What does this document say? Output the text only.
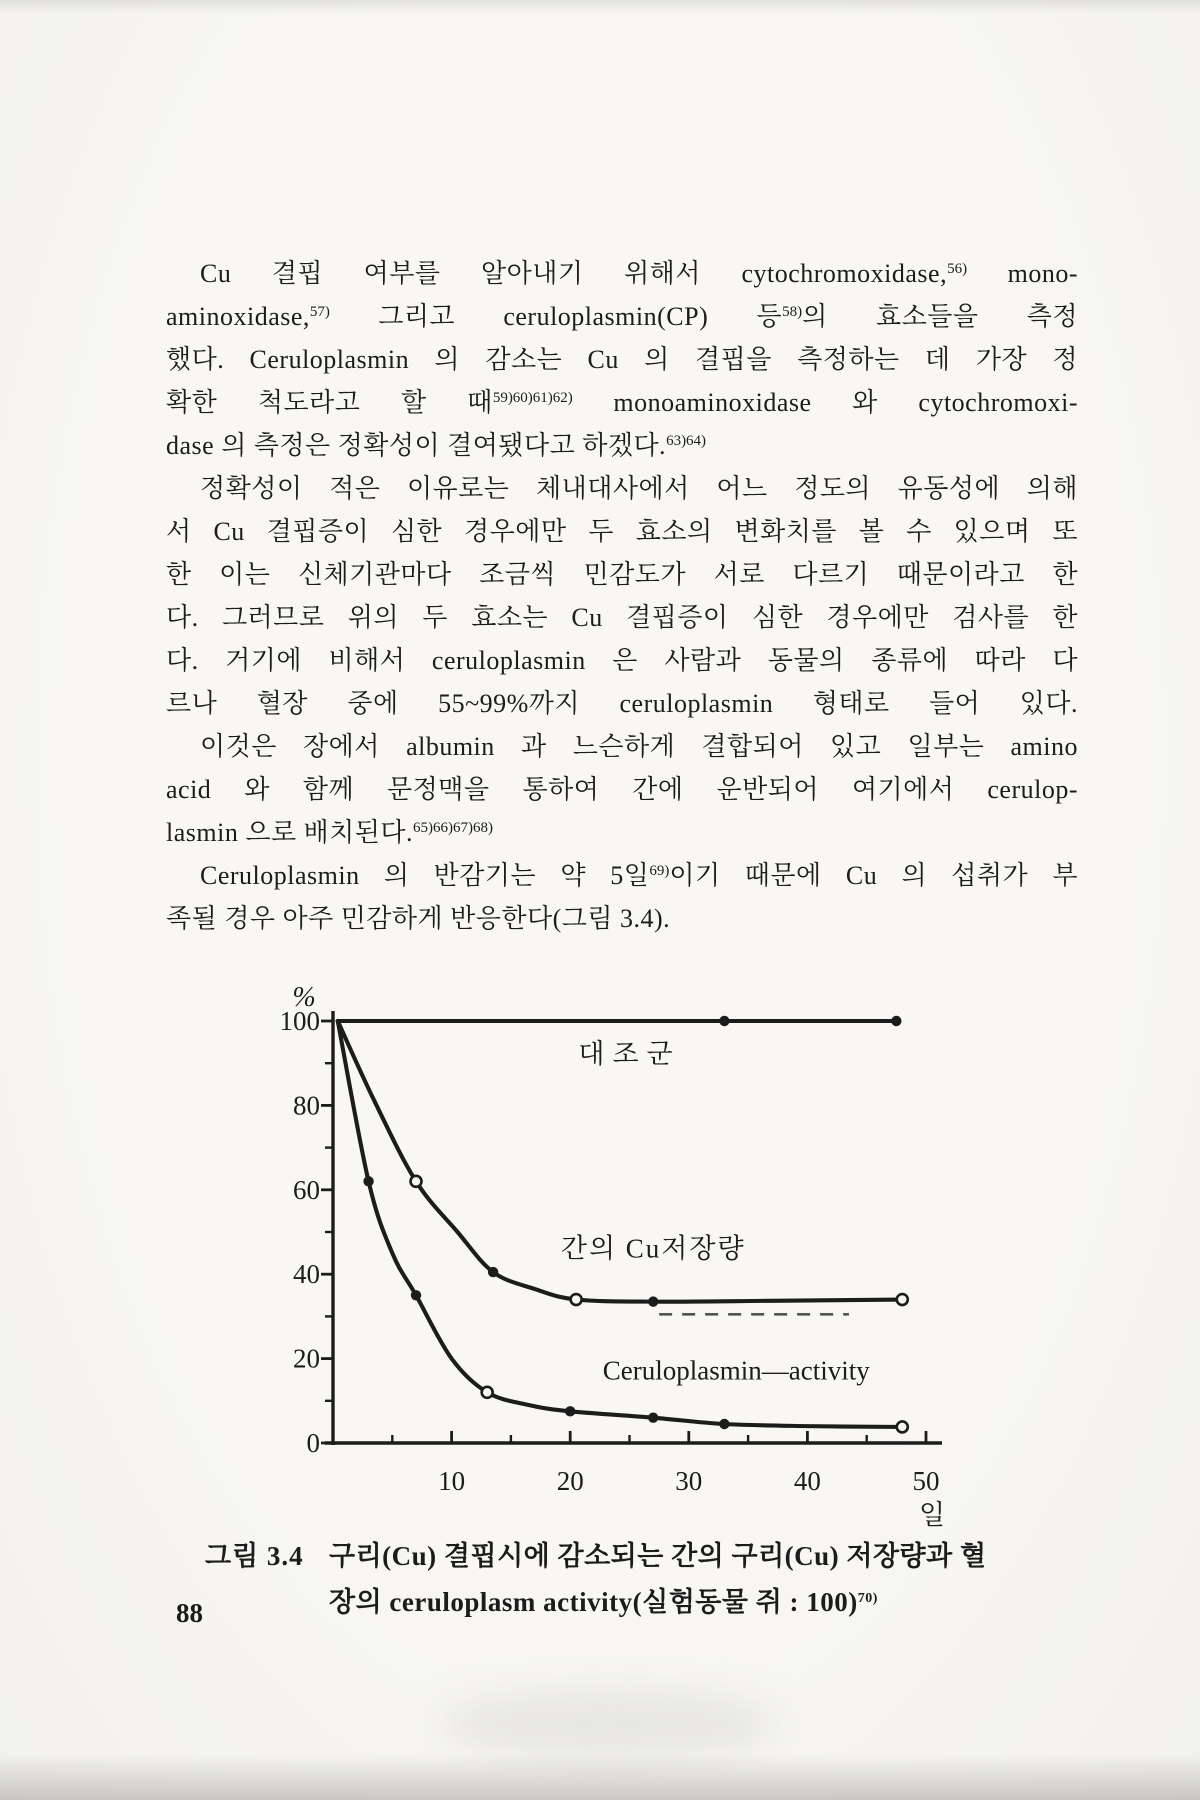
Cu 결핍 여부를 알아내기 위해서 cytochromoxidase,$^{56)}$ mono-
aminoxidase,$^{57)}$ 그리고 ceruloplasmin(CP) 등$^{58)}$의 효소들을 측정
했다. Ceruloplasmin 의 감소는 Cu 의 결핍을 측정하는 데 가장 정
확한 척도라고 할 때$^{59)60)61)62)}$ monoaminoxidase 와 cytochromoxi-
dase 의 측정은 정확성이 결여됐다고 하겠다.$^{63)64)}$
정확성이 적은 이유로는 체내대사에서 어느 정도의 유동성에 의해
서 Cu 결핍증이 심한 경우에만 두 효소의 변화치를 볼 수 있으며 또
한 이는 신체기관마다 조금씩 민감도가 서로 다르기 때문이라고 한
다. 그러므로 위의 두 효소는 Cu 결핍증이 심한 경우에만 검사를 한
다. 거기에 비해서 ceruloplasmin 은 사람과 동물의 종류에 따라 다
르나 혈장 중에 55~99%까지 ceruloplasmin 형태로 들어 있다.
이것은 장에서 albumin 과 느슨하게 결합되어 있고 일부는 amino
acid 와 함께 문정맥을 통하여 간에 운반되어 여기에서 cerulop-
lasmin 으로 배치된다.$^{65)66)67)68)}$
Ceruloplasmin 의 반감기는 약 5일$^{69)}$이기 때문에 Cu 의 섭취가 부
족될 경우 아주 민감하게 반응한다(그림 3.4).
0
20
40
60
80
100
%
10	20	30	40	50
일
대조군
간의 Cu저장량
Ceruloplasmin—activity
그림 3.4 구리(Cu) 결핍시에 감소되는 간의 구리(Cu) 저장량과 혈
장의 ceruloplasm activity(실험동물 쥐 : 100)$^{70)}$
88
